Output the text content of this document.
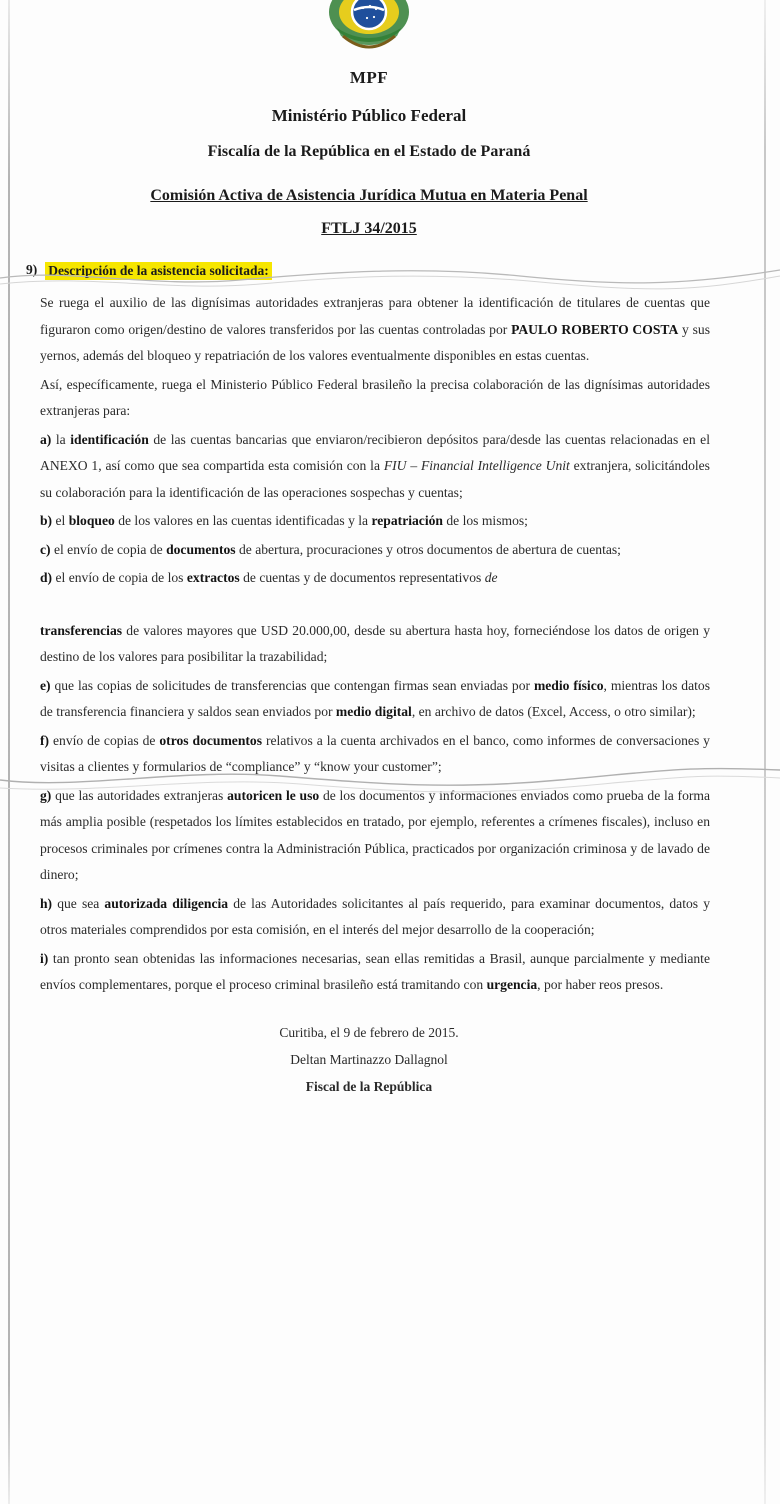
MPF
Ministério Público Federal
Fiscalía de la República en el Estado de Paraná
Comisión Activa de Asistencia Jurídica Mutua en Materia Penal
FTLJ 34/2015
9) Descripción de la asistencia solicitada:

Se ruega el auxilio de las dignísimas autoridades extranjeras para obtener la identificación de titulares de cuentas que figuraron como origen/destino de valores transferidos por las cuentas controladas por PAULO ROBERTO COSTA y sus yernos, además del bloqueo y repatriación de los valores eventualmente disponibles en estas cuentas.

Así, específicamente, ruega el Ministerio Público Federal brasileño la precisa colaboración de las dignísimas autoridades extranjeras para:

a) la identificación de las cuentas bancarias que enviaron/recibieron depósitos para/desde las cuentas relacionadas en el ANEXO 1, así como que sea compartida esta comisión con la FIU – Financial Intelligence Unit extranjera, solicitándoles su colaboración para la identificación de las operaciones sospechas y cuentas;

b) el bloqueo de los valores en las cuentas identificadas y la repatriación de los mismos;

c) el envío de copia de documentos de abertura, procuraciones y otros documentos de abertura de cuentas;

d) el envío de copia de los extractos de cuentas y de documentos representativos de

transferencias de valores mayores que USD 20.000,00, desde su abertura hasta hoy, forneciéndose los datos de origen y destino de los valores para posibilitar la trazabilidad;

e) que las copias de solicitudes de transferencias que contengan firmas sean enviadas por medio físico, mientras los datos de transferencia financiera y saldos sean enviados por medio digital, en archivo de datos (Excel, Access, o otro similar);

f) envío de copias de otros documentos relativos a la cuenta archivados en el banco, como informes de conversaciones y visitas a clientes y formularios de “compliance” y “know your customer”;

g) que las autoridades extranjeras autoricen le uso de los documentos y informaciones enviados como prueba de la forma más amplia posible (respetados los límites establecidos en tratado, por ejemplo, referentes a crímenes fiscales), incluso en procesos criminales por crímenes contra la Administración Pública, practicados por organización criminosa y de lavado de dinero;

h) que sea autorizada diligencia de las Autoridades solicitantes al país requerido, para examinar documentos, datos y otros materiales comprendidos por esta comisión, en el interés del mejor desarrollo de la cooperación;

i) tan pronto sean obtenidas las informaciones necesarias, sean ellas remitidas a Brasil, aunque parcialmente y mediante envíos complementares, porque el proceso criminal brasileño está tramitando con urgencia, por haber reos presos.

Curitiba, el 9 de febrero de 2015.
Deltan Martinazzo Dallagnol
Fiscal de la República
